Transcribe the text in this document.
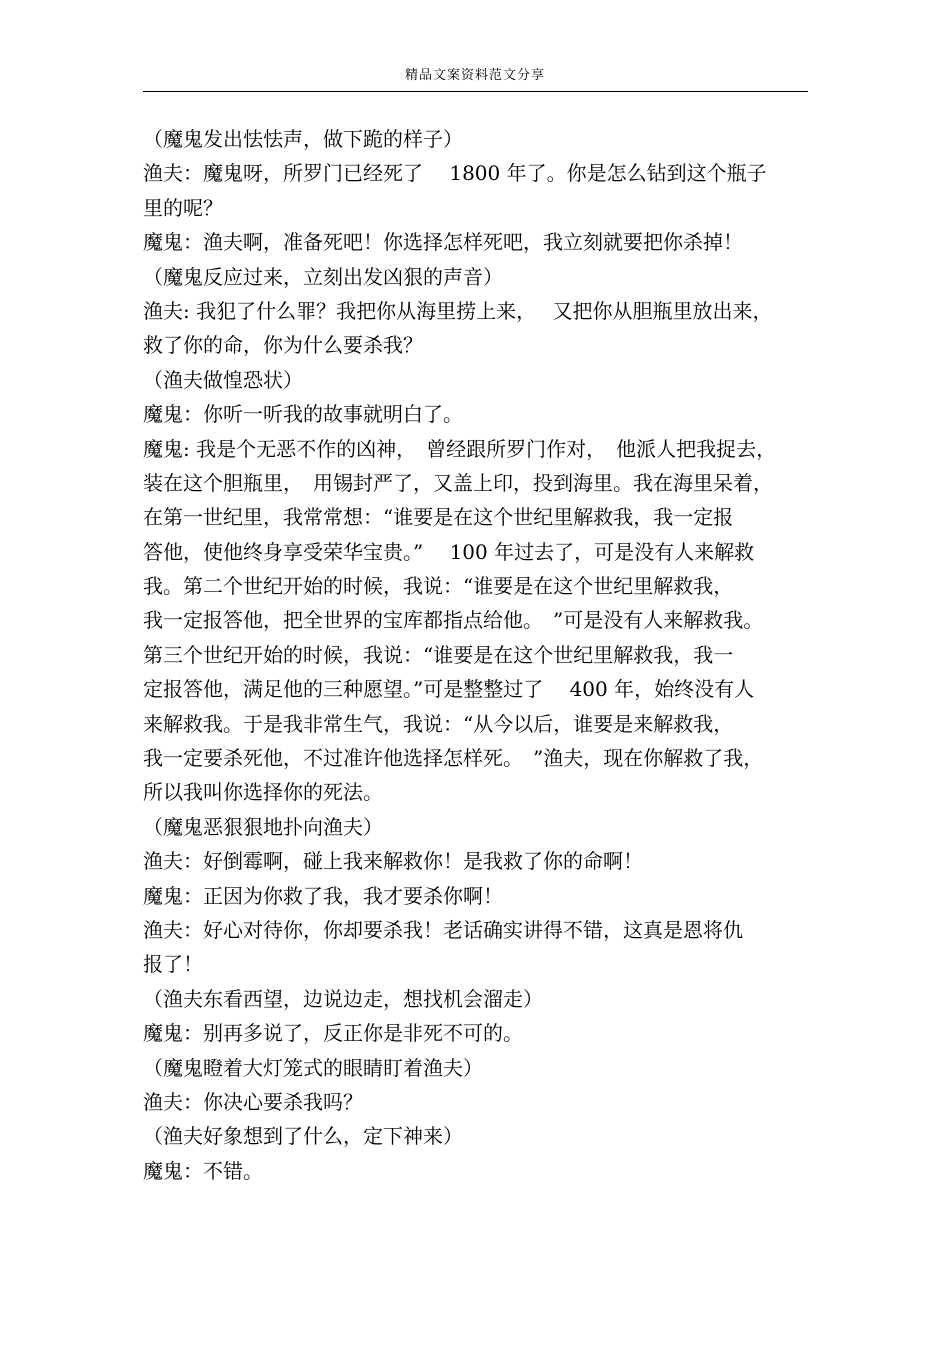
精品文案资料范文分享
（魔鬼发出怯怯声，做下跪的样子）
渔夫：魔鬼呀，所罗门已经死了　 1800 年了。你是怎么钻到这个瓶子
里的呢？
魔鬼：渔夫啊，准备死吧！你选择怎样死吧，我立刻就要把你杀掉！
（魔鬼反应过来，立刻出发凶狠的声音）
渔夫: 我犯了什么罪？我把你从海里捞上来，　 又把你从胆瓶里放出来，
救了你的命，你为什么要杀我？
（渔夫做惶恐状）
魔鬼：你听一听我的故事就明白了。
魔鬼: 我是个无恶不作的凶神，　曾经跟所罗门作对，　他派人把我捉去，
装在这个胆瓶里，　用锡封严了，又盖上印，投到海里。我在海里呆着，
在第一世纪里，我常常想：“谁要是在这个世纪里解救我，我一定报
答他，使他终身享受荣华宝贵。”　 100 年过去了，可是没有人来解救
我。第二个世纪开始的时候，我说：“谁要是在这个世纪里解救我，
我一定报答他，把全世界的宝库都指点给他。　”可是没有人来解救我。
第三个世纪开始的时候，我说：“谁要是在这个世纪里解救我，我一
定报答他，满足他的三种愿望。”可是整整过了　 400 年，始终没有人
来解救我。于是我非常生气，我说：“从今以后，谁要是来解救我，
我一定要杀死他，不过准许他选择怎样死。　”渔夫，现在你解救了我，
所以我叫你选择你的死法。
（魔鬼恶狠狠地扑向渔夫）
渔夫：好倒霉啊，碰上我来解救你！是我救了你的命啊！
魔鬼：正因为你救了我，我才要杀你啊！
渔夫：好心对待你，你却要杀我！老话确实讲得不错，这真是恩将仇
报了！
（渔夫东看西望，边说边走，想找机会溜走）
魔鬼：别再多说了，反正你是非死不可的。
（魔鬼瞪着大灯笼式的眼睛盯着渔夫）
渔夫：你决心要杀我吗？
（渔夫好象想到了什么，定下神来）
魔鬼：不错。
